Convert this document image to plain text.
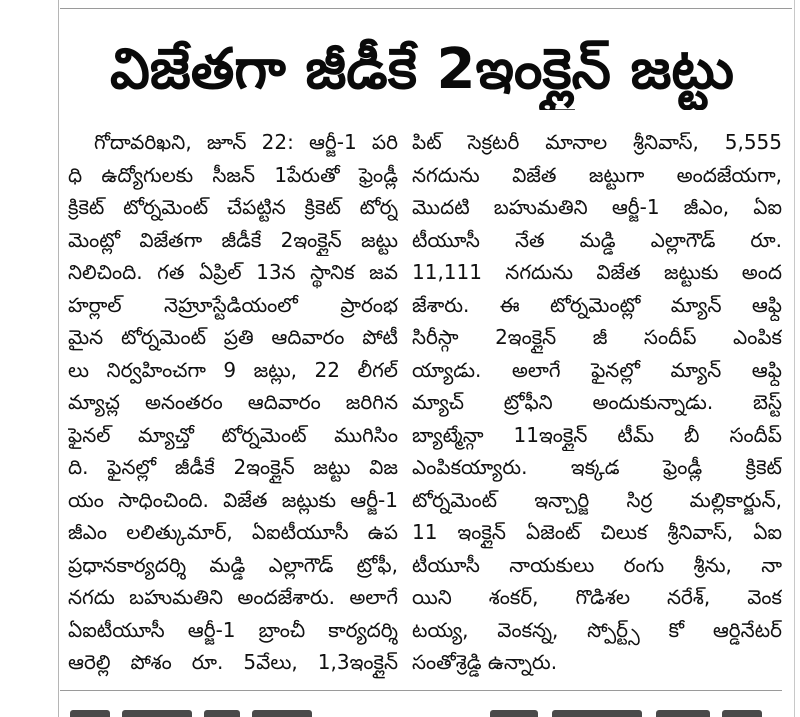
విజేతగా జీడీకే 2ఇంక్లైన్ జట్టు
గోదావరిఖని, జూన్ 22: ఆర్జీ-1 పరి
ధి ఉద్యోగులకు సీజన్ 1పేరుతో ఫ్రెండ్లీ
క్రికెట్ టోర్నమెంట్ చేపట్టిన క్రికెట్ టోర్న
మెంట్లో విజేతగా జీడీకే 2ఇంక్లైన్ జట్టు
నిలిచింది. గత ఏప్రిల్ 13న స్థానిక జవ
హర్లాల్ నెహ్రూస్టేడియంలో ప్రారంభ
మైన టోర్నమెంట్ ప్రతి ఆదివారం పోటీ
లు నిర్వహించగా 9 జట్లు, 22 లీగల్
మ్యాచ్ల అనంతరం ఆదివారం జరిగిన
ఫైనల్ మ్యాచ్తో టోర్నమెంట్ ముగిసిం
ది. ఫైనల్లో జీడీకే 2ఇంక్లైన్ జట్టు విజ
యం సాధించింది. విజేత జట్లుకు ఆర్జీ-1
జీఎం లలిత్కుమార్, ఏఐటీయూసీ ఉప
ప్రధానకార్యదర్శి మడ్డి ఎల్లాగౌడ్ ట్రోఫీ,
నగదు బహుమతిని అందజేశారు. అలాగే
ఏఐటీయూసీ ఆర్జీ-1 బ్రాంచీ కార్యదర్శి
ఆరెల్లి పోశం రూ. 5వేలు, 1,3ఇంక్లైన్
పిట్ సెక్రటరీ మానాల శ్రీనివాస్, 5,555
నగదును విజేత జట్టుగా అందజేయగా,
మొదటి బహుమతిని ఆర్జీ-1 జీఎం, ఏఐ
టీయూసీ నేత మడ్డి ఎల్లాగౌడ్ రూ.
11,111 నగదును విజేత జట్టుకు అంద
జేశారు. ఈ టోర్నమెంట్లో మ్యాన్ ఆఫ్ది
సిరీస్గా 2ఇంక్లైన్ జీ సందీప్ ఎంపిక
య్యాడు. అలాగే ఫైనల్లో మ్యాన్ ఆఫ్ది
మ్యాచ్ ట్రోఫీని అందుకున్నాడు. బెస్ట్
బ్యాట్మేన్గా 11ఇంక్లైన్ టీమ్ బీ సందీప్
ఎంపికయ్యారు. ఇక్కడ ఫ్రెండ్లీ క్రికెట్
టోర్నమెంట్ ఇన్చార్జి సిర్ర మల్లికార్జున్,
11 ఇంక్లైన్ ఏజెంట్ చిలుక శ్రీనివాస్, ఏఐ
టీయూసీ నాయకులు రంగు శ్రీను, నా
యిని శంకర్, గొడిశల నరేశ్, వెంక
టయ్య, వెంకన్న, స్పోర్ట్స్ కో ఆర్డినేటర్
సంతోశ్రెడ్డి ఉన్నారు.
